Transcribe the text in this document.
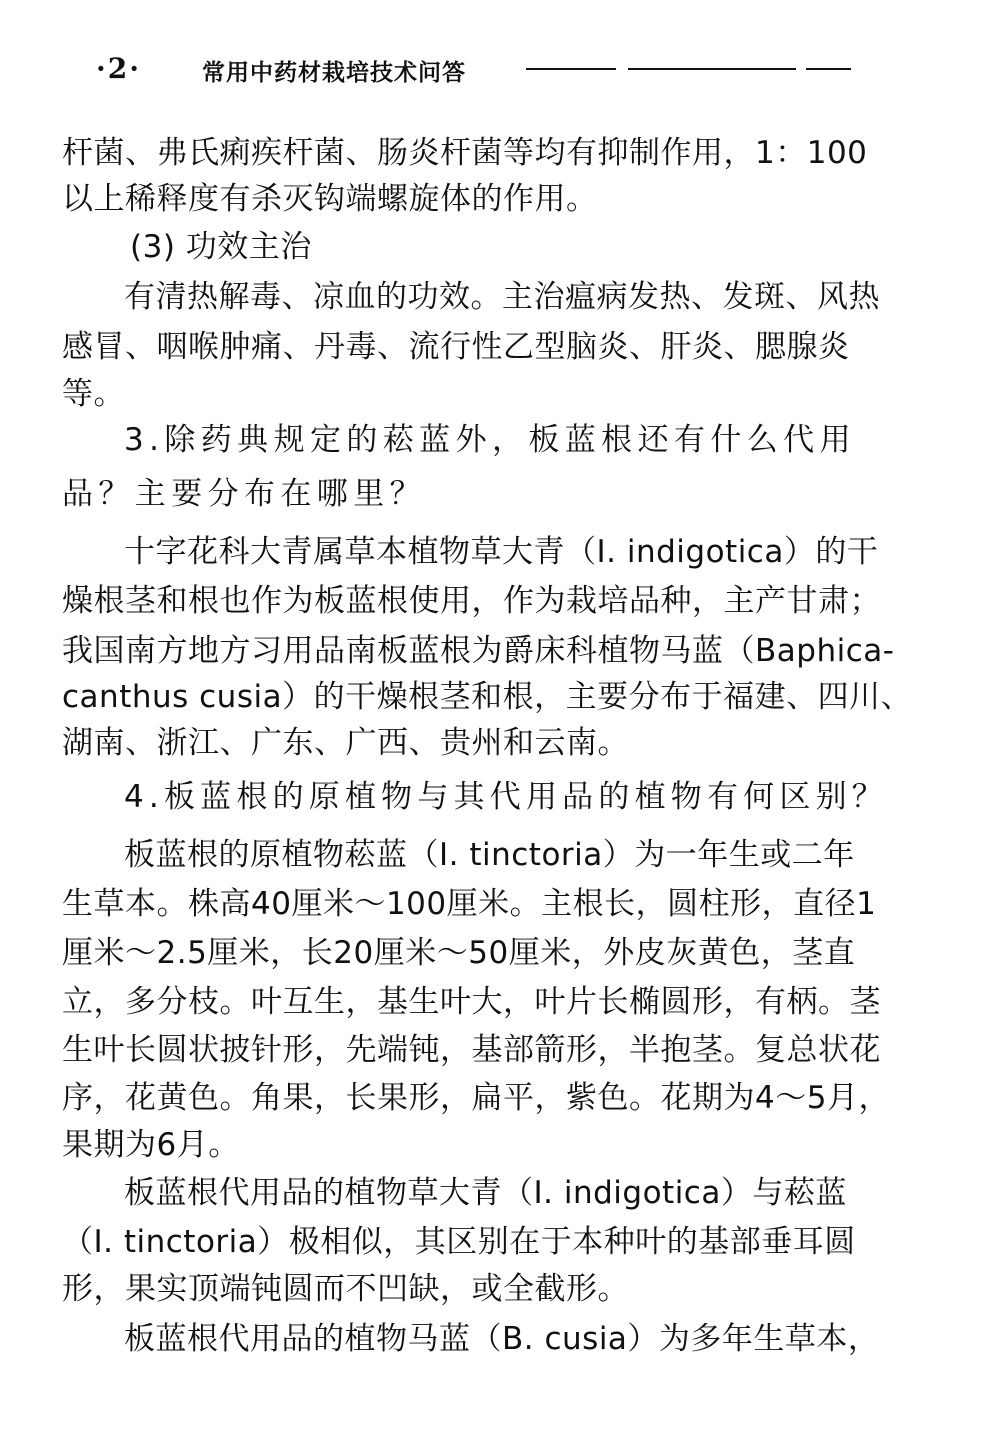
·2·	常用中药材栽培技术问答
杆菌、弗氏痢疾杆菌、肠炎杆菌等均有抑制作用，1：100
以上稀释度有杀灭钩端螺旋体的作用。
(3) 功效主治
有清热解毒、凉血的功效。主治瘟病发热、发斑、风热
感冒、咽喉肿痛、丹毒、流行性乙型脑炎、肝炎、腮腺炎
等。
3.除药典规定的菘蓝外，板蓝根还有什么代用
品？主要分布在哪里？
十字花科大青属草本植物草大青（I. indigotica）的干
燥根茎和根也作为板蓝根使用，作为栽培品种，主产甘肃；
我国南方地方习用品南板蓝根为爵床科植物马蓝（Baphica-
canthus cusia）的干燥根茎和根，主要分布于福建、四川、
湖南、浙江、广东、广西、贵州和云南。
4.板蓝根的原植物与其代用品的植物有何区别？
板蓝根的原植物菘蓝（I. tinctoria）为一年生或二年
生草本。株高40厘米～100厘米。主根长，圆柱形，直径1
厘米～2.5厘米，长20厘米～50厘米，外皮灰黄色，茎直
立，多分枝。叶互生，基生叶大，叶片长椭圆形，有柄。茎
生叶长圆状披针形，先端钝，基部箭形，半抱茎。复总状花
序，花黄色。角果，长果形，扁平，紫色。花期为4～5月，
果期为6月。
板蓝根代用品的植物草大青（I. indigotica）与菘蓝
（I. tinctoria）极相似，其区别在于本种叶的基部垂耳圆
形，果实顶端钝圆而不凹缺，或全截形。
板蓝根代用品的植物马蓝（B. cusia）为多年生草本，
